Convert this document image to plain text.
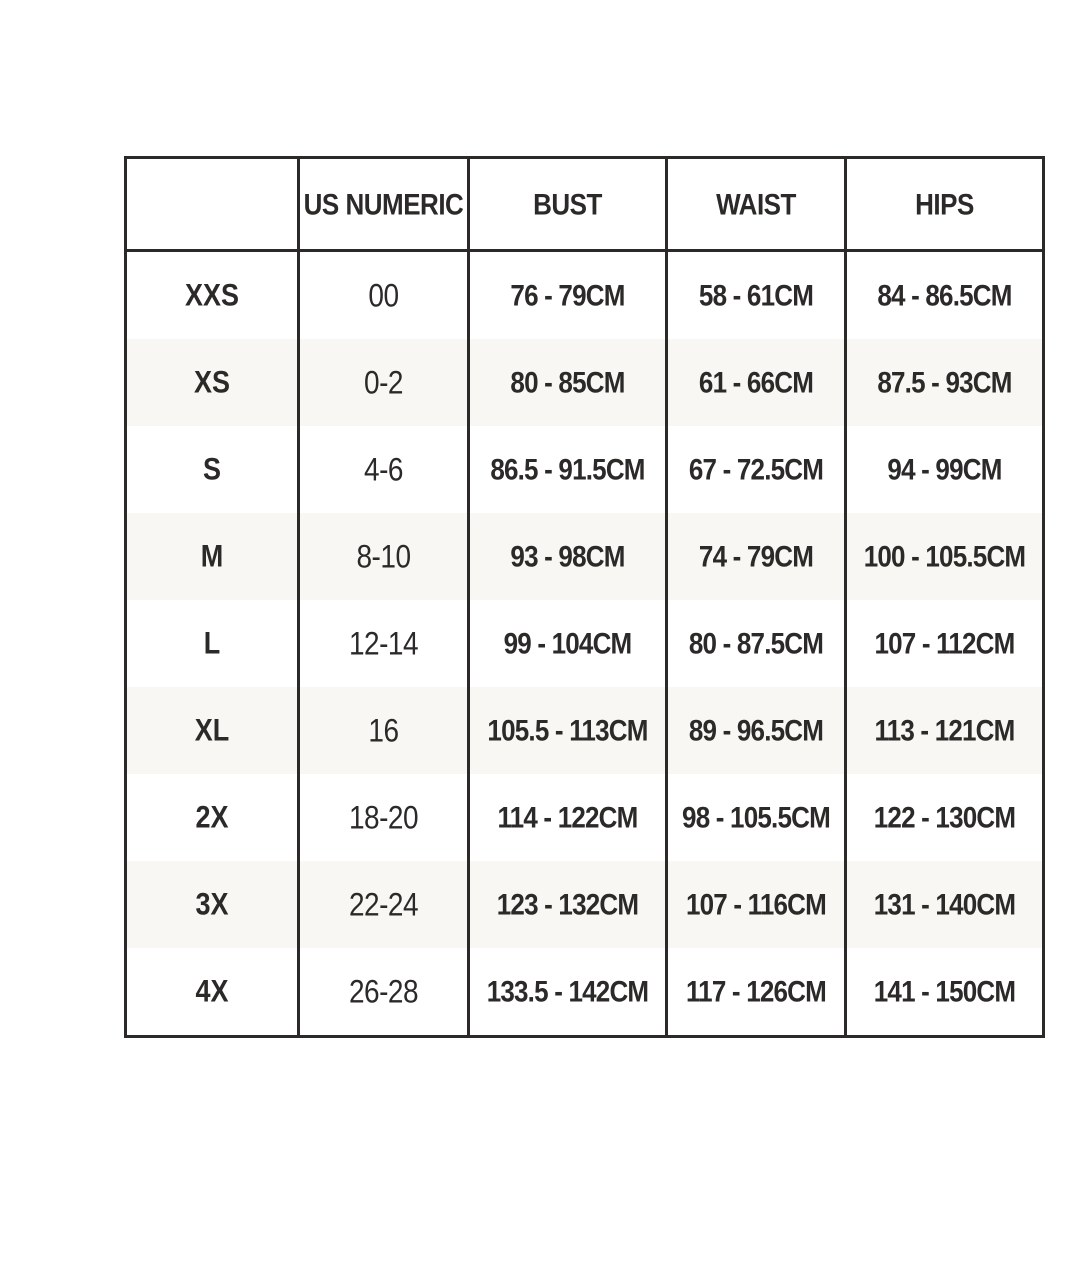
	US NUMERIC	BUST	WAIST	HIPS
XXS	00	76 - 79CM	58 - 61CM	84 - 86.5CM
XS	0-2	80 - 85CM	61 - 66CM	87.5 - 93CM
S	4-6	86.5 - 91.5CM	67 - 72.5CM	94 - 99CM
M	8-10	93 - 98CM	74 - 79CM	100 - 105.5CM
L	12-14	99 - 104CM	80 - 87.5CM	107 - 112CM
XL	16	105.5 - 113CM	89 - 96.5CM	113 - 121CM
2X	18-20	114 - 122CM	98 - 105.5CM	122 - 130CM
3X	22-24	123 - 132CM	107 - 116CM	131 - 140CM
4X	26-28	133.5 - 142CM	117 - 126CM	141 - 150CM
